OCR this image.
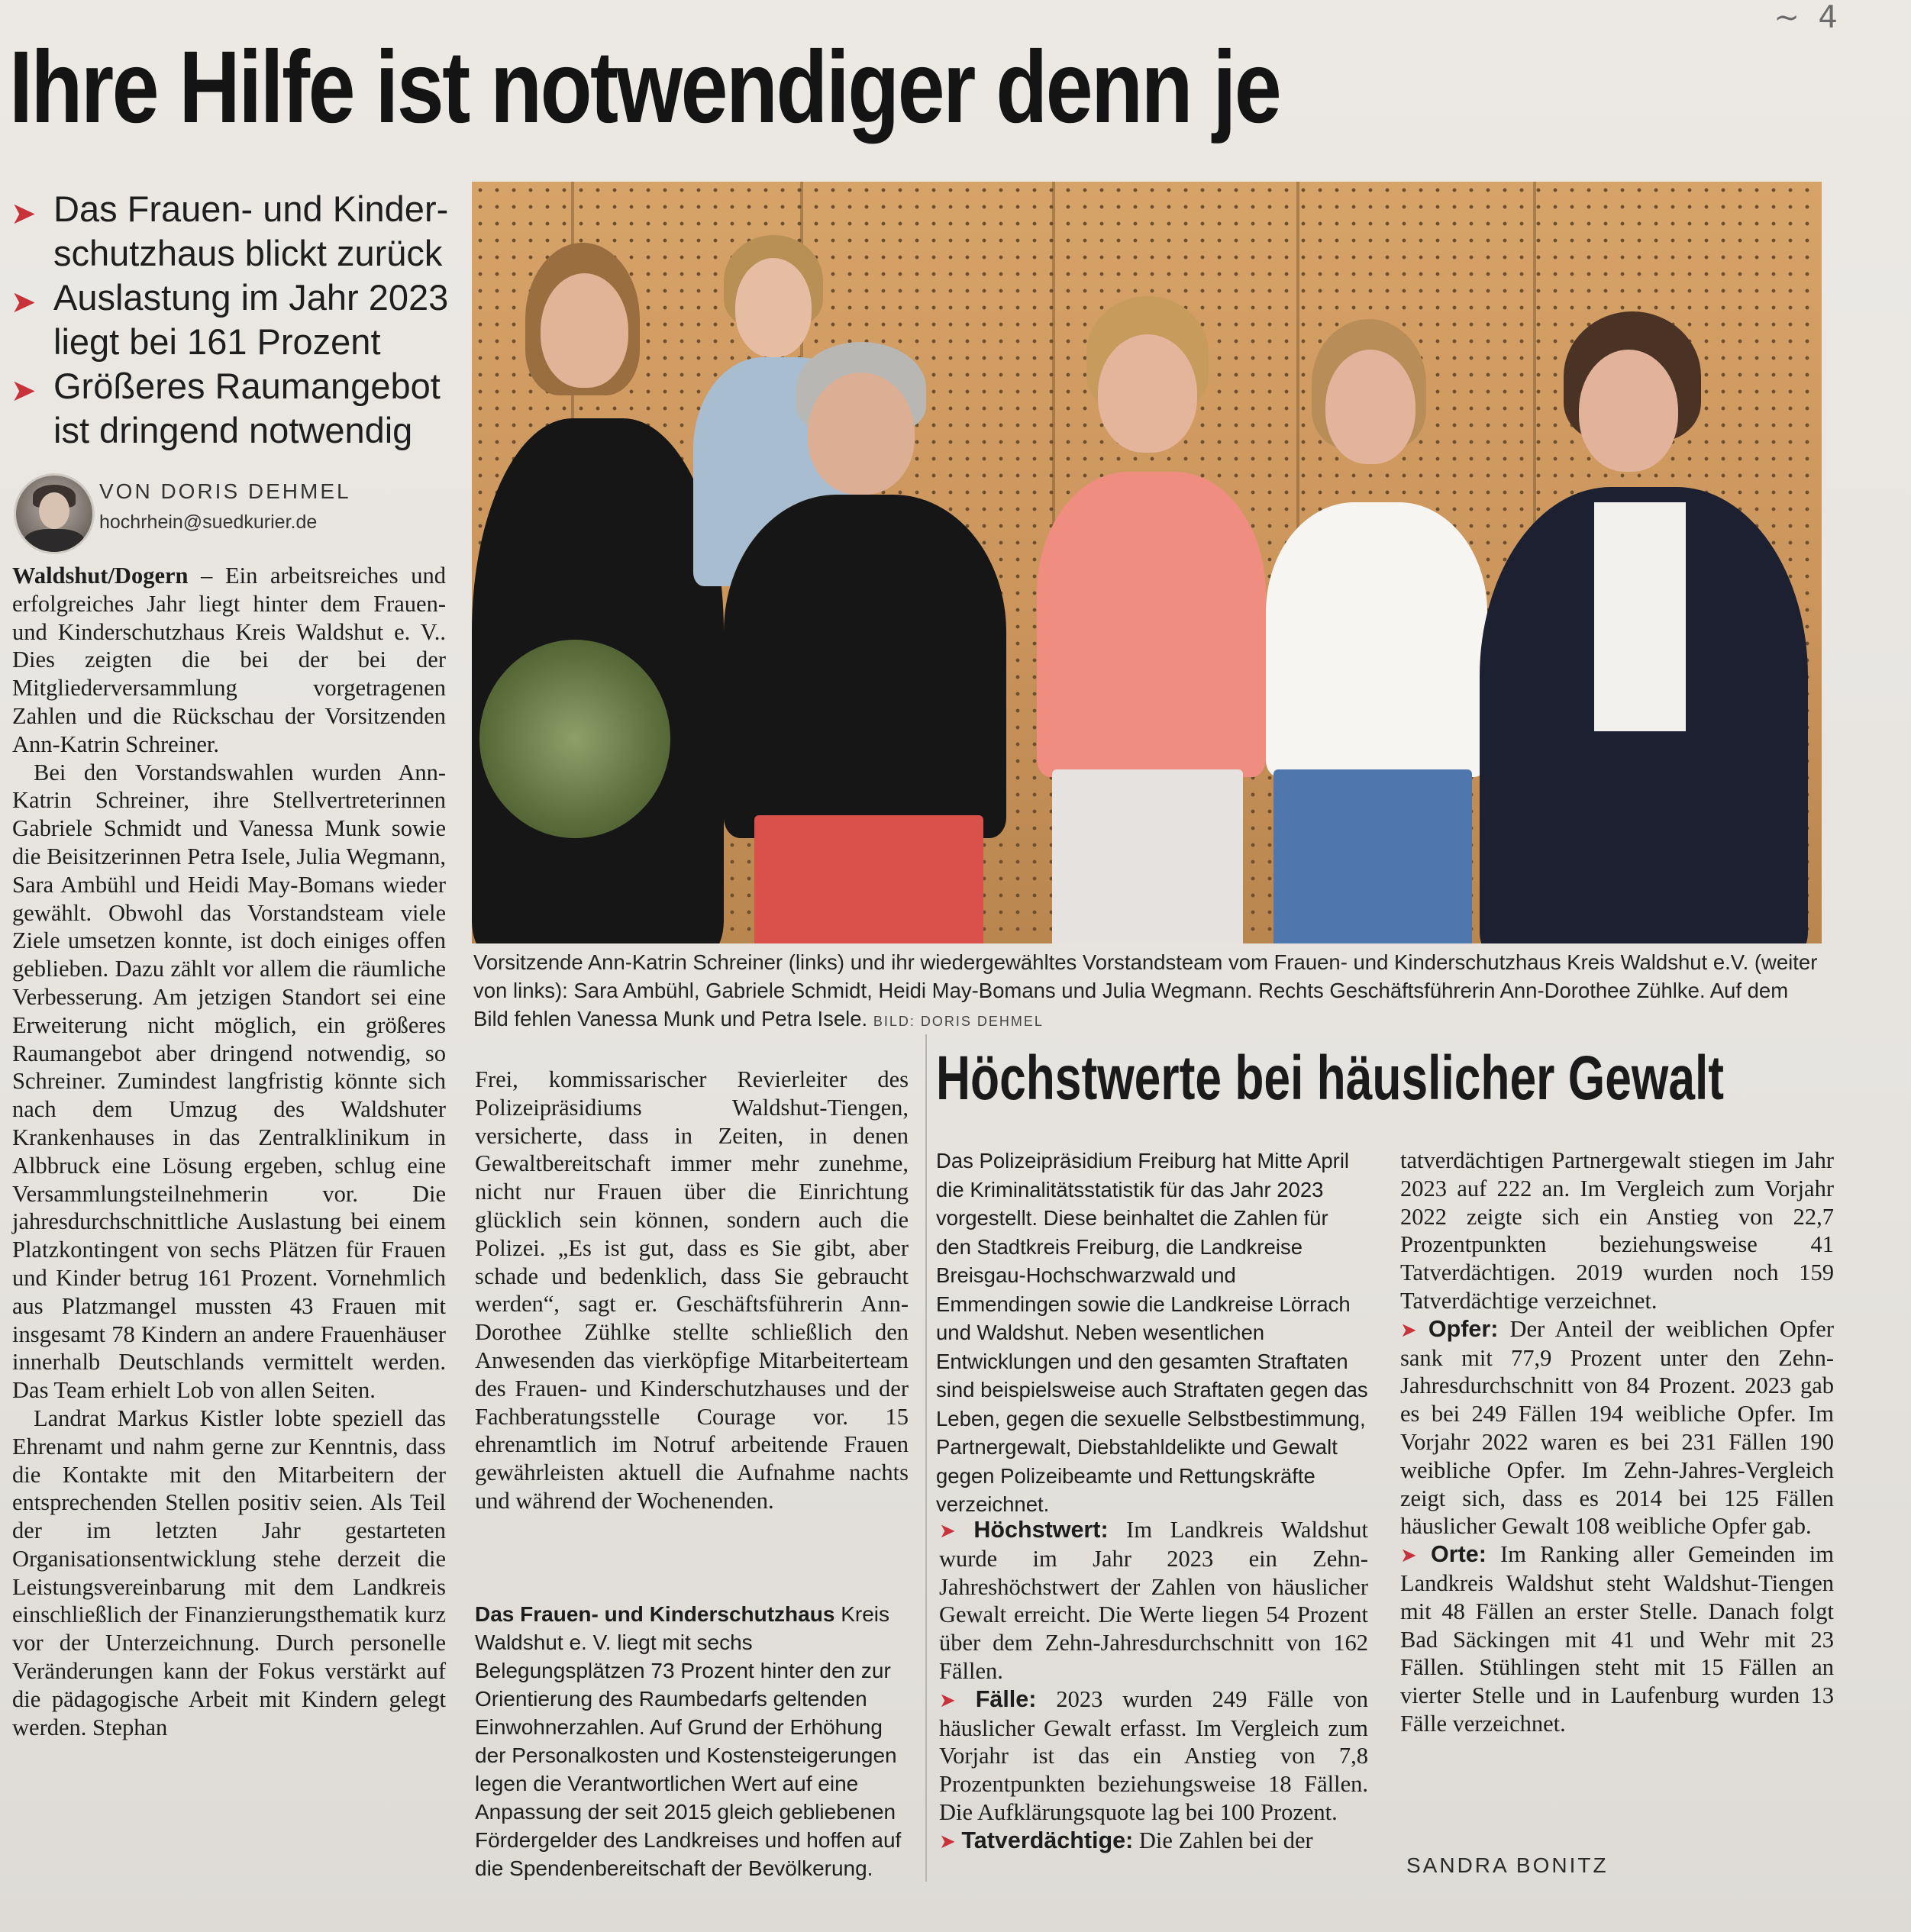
~ 4
Ihre Hilfe ist notwendiger denn je
➤ Das Frauen- und Kinder-schutzhaus blickt zurück
➤ Auslastung im Jahr 2023 liegt bei 161 Prozent
➤ Größeres Raumangebot ist dringend notwendig
VON DORIS DEHMEL
hochrhein@suedkurier.de

Waldshut/Dogern – Ein arbeitsreiches und erfolgreiches Jahr liegt hinter dem Frauen- und Kinderschutzhaus Kreis Waldshut e. V.. Dies zeigten die bei der bei der Mitgliederversammlung vorgetragenen Zahlen und die Rückschau der Vorsitzenden Ann-Katrin Schreiner.

Bei den Vorstandswahlen wurden Ann-Katrin Schreiner, ihre Stellvertreterinnen Gabriele Schmidt und Vanessa Munk sowie die Beisitzerinnen Petra Isele, Julia Wegmann, Sara Ambühl und Heidi May-Bomans wieder gewählt. Obwohl das Vorstandsteam viele Ziele umsetzen konnte, ist doch einiges offen geblieben. Dazu zählt vor allem die räumliche Verbesserung. Am jetzigen Standort sei eine Erweiterung nicht möglich, ein größeres Raumangebot aber dringend notwendig, so Schreiner. Zumindest langfristig könnte sich nach dem Umzug des Waldshuter Krankenhauses in das Zentralklinikum in Albbruck eine Lösung ergeben, schlug eine Versammlungsteilnehmerin vor. Die jahresdurchschnittliche Auslastung bei einem Platzkontingent von sechs Plätzen für Frauen und Kinder betrug 161 Prozent. Vornehmlich aus Platzmangel mussten 43 Frauen mit insgesamt 78 Kindern an andere Frauenhäuser innerhalb Deutschlands vermittelt werden. Das Team erhielt Lob von allen Seiten.

Landrat Markus Kistler lobte speziell das Ehrenamt und nahm gerne zur Kenntnis, dass die Kontakte mit den Mitarbeitern der entsprechenden Stellen positiv seien. Als Teil der im letzten Jahr gestarteten Organisationsentwicklung stehe derzeit die Leistungsvereinbarung mit dem Landkreis einschließlich der Finanzierungsthematik kurz vor der Unterzeichnung. Durch personelle Veränderungen kann der Fokus verstärkt auf die pädagogische Arbeit mit Kindern gelegt werden. Stephan

Frei, kommissarischer Revierleiter des Polizeipräsidiums Waldshut-Tiengen, versicherte, dass in Zeiten, in denen Gewaltbereitschaft immer mehr zunehme, nicht nur Frauen über die Einrichtung glücklich sein können, sondern auch die Polizei. „Es ist gut, dass es Sie gibt, aber schade und bedenklich, dass Sie gebraucht werden“, sagt er. Geschäftsführerin Ann-Dorothee Zühlke stellte schließlich den Anwesenden das vierköpfige Mitarbeiterteam des Frauen- und Kinderschutzhauses und der Fachberatungsstelle Courage vor. 15 ehrenamtlich im Notruf arbeitende Frauen gewährleisten aktuell die Aufnahme nachts und während der Wochenenden.

Das Frauen- und Kinderschutzhaus Kreis Waldshut e. V. liegt mit sechs Belegungsplätzen 73 Prozent hinter den zur Orientierung des Raumbedarfs geltenden Einwohnerzahlen. Auf Grund der Erhöhung der Personalkosten und Kostensteigerungen legen die Verantwortlichen Wert auf eine Anpassung der seit 2015 gleich gebliebenen Fördergelder des Landkreises und hoffen auf die Spendenbereitschaft der Bevölkerung.

Vorsitzende Ann-Katrin Schreiner (links) und ihr wiedergewähltes Vorstandsteam vom Frauen- und Kinderschutzhaus Kreis Waldshut e.V. (weiter von links): Sara Ambühl, Gabriele Schmidt, Heidi May-Bomans und Julia Wegmann. Rechts Geschäftsführerin Ann-Dorothee Zühlke. Auf dem Bild fehlen Vanessa Munk und Petra Isele. BILD: DORIS DEHMEL
Höchstwerte bei häuslicher Gewalt

Das Polizeipräsidium Freiburg hat Mitte April die Kriminalitätsstatistik für das Jahr 2023 vorgestellt. Diese beinhaltet die Zahlen für den Stadtkreis Freiburg, die Landkreise Breisgau-Hochschwarzwald und Emmendingen sowie die Landkreise Lörrach und Waldshut. Neben wesentlichen Entwicklungen und den gesamten Straftaten sind beispielsweise auch Straftaten gegen das Leben, gegen die sexuelle Selbstbestimmung, Partnergewalt, Diebstahldelikte und Gewalt gegen Polizeibeamte und Rettungskräfte verzeichnet.

➤ Höchstwert: Im Landkreis Waldshut wurde im Jahr 2023 ein Zehn-Jahreshöchstwert der Zahlen von häuslicher Gewalt erreicht. Die Werte liegen 54 Prozent über dem Zehn-Jahresdurchschnitt von 162 Fällen.

➤ Fälle: 2023 wurden 249 Fälle von häuslicher Gewalt erfasst. Im Vergleich zum Vorjahr ist das ein Anstieg von 7,8 Prozentpunkten beziehungsweise 18 Fällen. Die Aufklärungsquote lag bei 100 Prozent.

➤ Tatverdächtige: Die Zahlen bei der

tatverdächtigen Partnergewalt stiegen im Jahr 2023 auf 222 an. Im Vergleich zum Vorjahr 2022 zeigte sich ein Anstieg von 22,7 Prozentpunkten beziehungsweise 41 Tatverdächtigen. 2019 wurden noch 159 Tatverdächtige verzeichnet.

➤ Opfer: Der Anteil der weiblichen Opfer sank mit 77,9 Prozent unter den Zehn-Jahresdurchschnitt von 84 Prozent. 2023 gab es bei 249 Fällen 194 weibliche Opfer. Im Vorjahr 2022 waren es bei 231 Fällen 190 weibliche Opfer. Im Zehn-Jahres-Vergleich zeigt sich, dass es 2014 bei 125 Fällen häuslicher Gewalt 108 weibliche Opfer gab.

➤ Orte: Im Ranking aller Gemeinden im Landkreis Waldshut steht Waldshut-Tiengen mit 48 Fällen an erster Stelle. Danach folgt Bad Säckingen mit 41 und Wehr mit 23 Fällen. Stühlingen steht mit 15 Fällen an vierter Stelle und in Laufenburg wurden 13 Fälle verzeichnet.

SANDRA BONITZ
